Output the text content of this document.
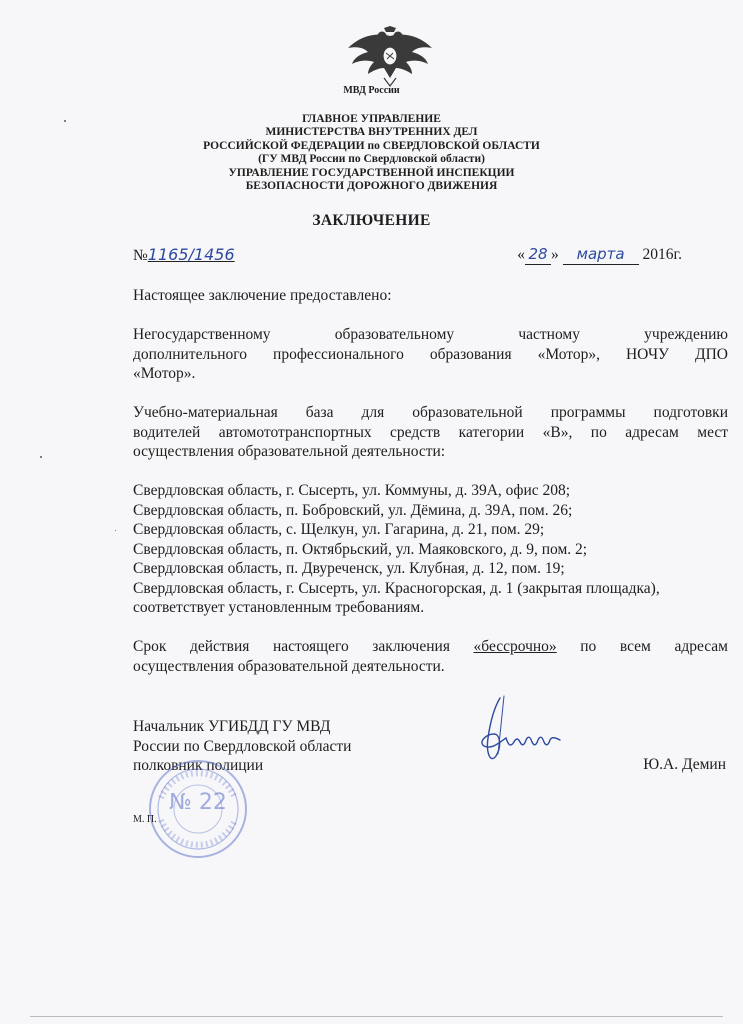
МВД России
ГЛАВНОЕ УПРАВЛЕНИЕ
МИНИСТЕРСТВА ВНУТРЕННИХ ДЕЛ
РОССИЙСКОЙ ФЕДЕРАЦИИ по СВЕРДЛОВСКОЙ ОБЛАСТИ
(ГУ МВД России по Свердловской области)
УПРАВЛЕНИЕ ГОСУДАРСТВЕННОЙ ИНСПЕКЦИИ
БЕЗОПАСНОСТИ ДОРОЖНОГО ДВИЖЕНИЯ
ЗАКЛЮЧЕНИЕ
№1165/1456	« 28 » марта 2016г.
Настоящее заключение предоставлено:
Негосударственному образовательному частному учреждению
дополнительного профессионального образования «Мотор», НОЧУ ДПО
«Мотор».
Учебно-материальная база для образовательной программы подготовки
водителей автомототранспортных средств категории «В», по адресам мест
осуществления образовательной деятельности:
Свердловская область, г. Сысерть, ул. Коммуны, д. 39А, офис 208;
Свердловская область, п. Бобровский, ул. Дёмина, д. 39А, пом. 26;
Свердловская область, с. Щелкун, ул. Гагарина, д. 21, пом. 29;
Свердловская область, п. Октябрьский, ул. Маяковского, д. 9, пом. 2;
Свердловская область, п. Двуреченск, ул. Клубная, д. 12, пом. 19;
Свердловская область, г. Сысерть, ул. Красногорская, д. 1 (закрытая площадка),
соответствует установленным требованиям.
Срок действия настоящего заключения «бессрочно» по всем адресам
осуществления образовательной деятельности.
Начальник УГИБДД ГУ МВД
России по Свердловской области
полковник полиции	Ю.А. Демин
№ 22
М. П.
